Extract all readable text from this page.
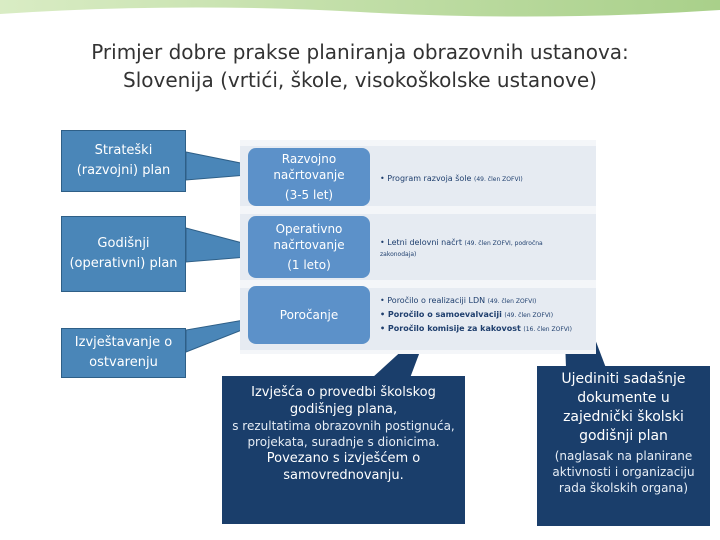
Primjer dobre prakse planiranja obrazovnih ustanova:
Slovenija (vrtići, škole, visokoškolske ustanove)
Strateški (razvojni) plan
Godišnji (operativni) plan
Izvještavanje o ostvarenju
Razvojno načrtovanje
(3-5 let)
• Program razvoja šole (49. člen ZOFVI)
Operativno načrtovanje
(1 leto)
• Letni delovni načrt (49. člen ZOFVI, področna zakonodaja)
Poročanje
• Poročilo o realizaciji LDN (49. člen ZOFVI)
• Poročilo o samoevalvaciji (49. člen ZOFVI)
• Poročilo komisije za kakovost (16. člen ZOFVI)
Izvješća o provedbi školskog godišnjeg plana,
s rezultatima obrazovnih postignuća, projekata, suradnje s dionicima.
Povezano s izvješćem o samovrednovanju.
Ujediniti sadašnje dokumente u zajednički školski godišnji plan
(naglasak na planirane aktivnosti i organizaciju rada školskih organa)
